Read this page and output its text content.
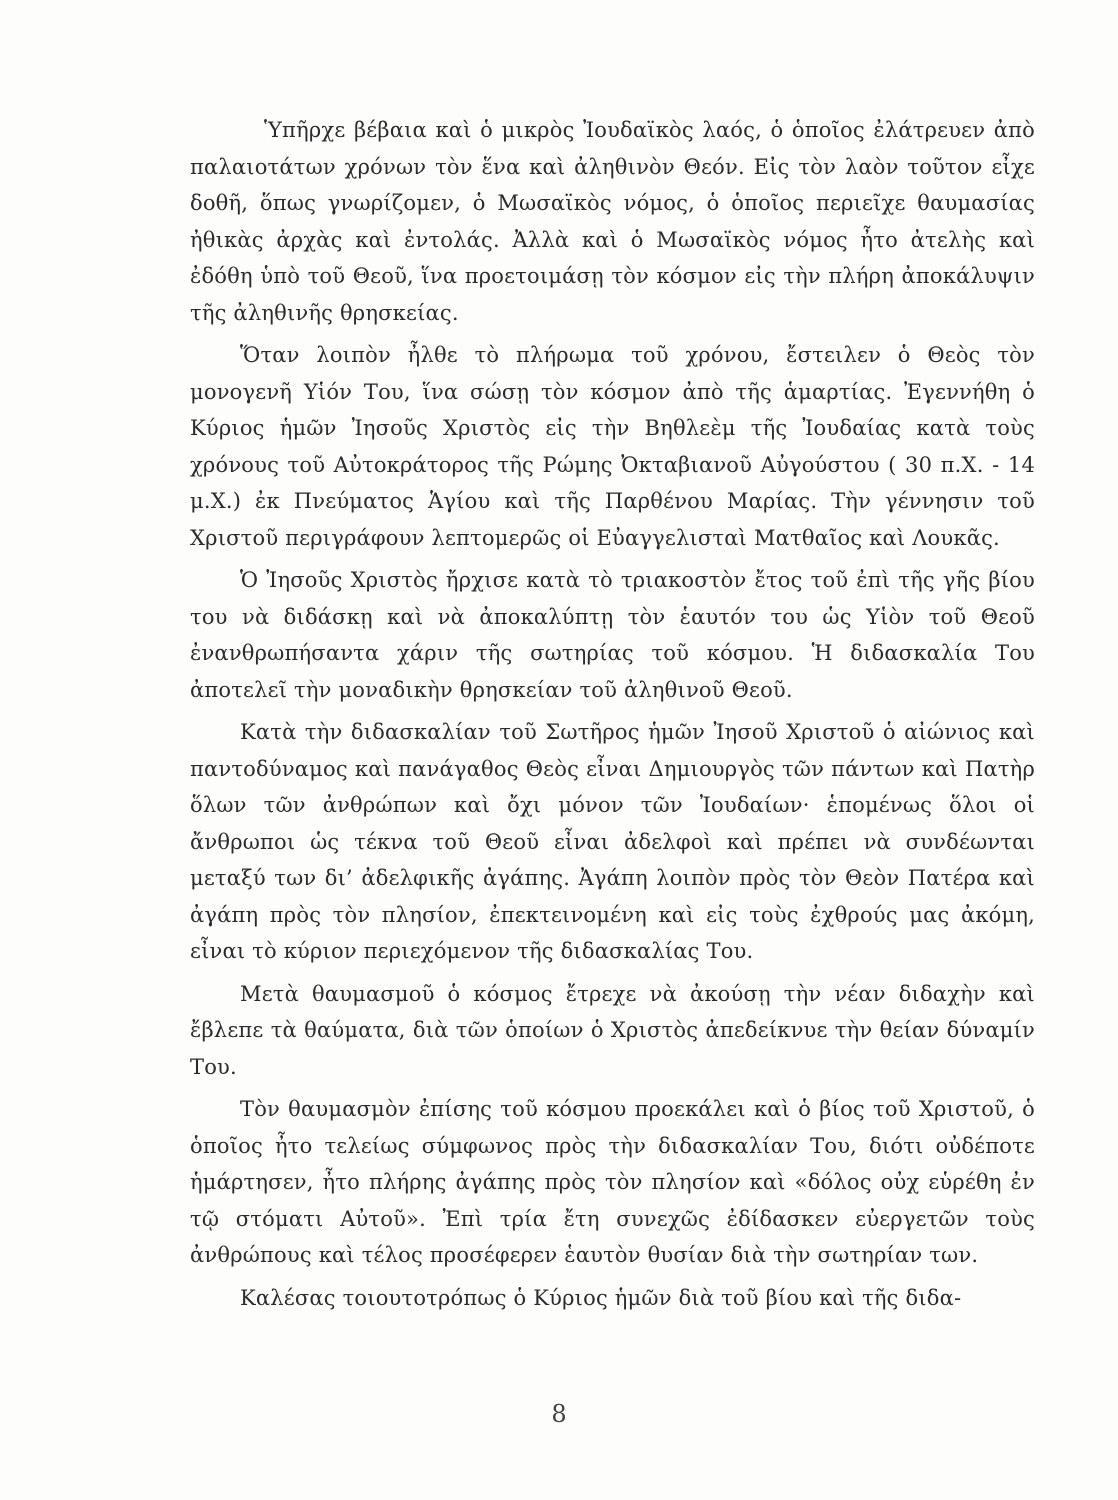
Ὑπῆρχε βέβαια καὶ ὁ μικρὸς Ἰουδαϊκὸς λαός, ὁ ὁποῖος ἐλάτρευεν ἀπὸ παλαιοτάτων χρόνων τὸν ἕνα καὶ ἀληθινὸν Θεόν. Εἰς τὸν λαὸν τοῦτον εἶχε δοθῆ, ὅπως γνωρίζομεν, ὁ Μωσαϊκὸς νόμος, ὁ ὁποῖος περιεῖχε θαυμασίας ἠθικὰς ἀρχὰς καὶ ἐντολάς. Ἀλλὰ καὶ ὁ Μωσαϊκὸς νόμος ἦτο ἀτελὴς καὶ ἐδόθη ὑπὸ τοῦ Θεοῦ, ἵνα προετοιμάσῃ τὸν κόσμον εἰς τὴν πλήρη ἀποκάλυψιν τῆς ἀληθινῆς θρησκείας.

Ὅταν λοιπὸν ἦλθε τὸ πλήρωμα τοῦ χρόνου, ἔστειλεν ὁ Θεὸς τὸν μονογενῆ Υἱόν Του, ἵνα σώσῃ τὸν κόσμον ἀπὸ τῆς ἁμαρτίας. Ἐγεννήθη ὁ Κύριος ἡμῶν Ἰησοῦς Χριστὸς εἰς τὴν Βηθλεὲμ τῆς Ἰουδαίας κατὰ τοὺς χρόνους τοῦ Αὐτοκράτορος τῆς Ρώμης Ὀκταβιανοῦ Αὐγούστου ( 30 π.Χ. - 14 μ.Χ.) ἐκ Πνεύματος Ἁγίου καὶ τῆς Παρθένου Μαρίας. Τὴν γέννησιν τοῦ Χριστοῦ περιγράφουν λεπτομερῶς οἱ Εὐαγγελισταὶ Ματθαῖος καὶ Λουκᾶς.

Ὁ Ἰησοῦς Χριστὸς ἤρχισε κατὰ τὸ τριακοστὸν ἔτος τοῦ ἐπὶ τῆς γῆς βίου του νὰ διδάσκῃ καὶ νὰ ἀποκαλύπτῃ τὸν ἑαυτόν του ὡς Υἱὸν τοῦ Θεοῦ ἐνανθρωπήσαντα χάριν τῆς σωτηρίας τοῦ κόσμου. Ἡ διδασκαλία Του ἀποτελεῖ τὴν μοναδικὴν θρησκείαν τοῦ ἀληθινοῦ Θεοῦ.

Κατὰ τὴν διδασκαλίαν τοῦ Σωτῆρος ἡμῶν Ἰησοῦ Χριστοῦ ὁ αἰώνιος καὶ παντοδύναμος καὶ πανάγαθος Θεὸς εἶναι Δημιουργὸς τῶν πάντων καὶ Πατὴρ ὅλων τῶν ἀνθρώπων καὶ ὄχι μόνον τῶν Ἰουδαίων· ἑπομένως ὅλοι οἱ ἄνθρωποι ὡς τέκνα τοῦ Θεοῦ εἶναι ἀδελφοὶ καὶ πρέπει νὰ συνδέωνται μεταξύ των δι’ ἀδελφικῆς ἀγάπης. Ἀγάπη λοιπὸν πρὸς τὸν Θεὸν Πατέρα καὶ ἀγάπη πρὸς τὸν πλησίον, ἐπεκτεινομένη καὶ εἰς τοὺς ἐχθρούς μας ἀκόμη, εἶναι τὸ κύριον περιεχόμενον τῆς διδασκαλίας Του.

Μετὰ θαυμασμοῦ ὁ κόσμος ἔτρεχε νὰ ἀκούσῃ τὴν νέαν διδαχὴν καὶ ἔβλεπε τὰ θαύματα, διὰ τῶν ὁποίων ὁ Χριστὸς ἀπεδείκνυε τὴν θείαν δύναμίν Του.

Τὸν θαυμασμὸν ἐπίσης τοῦ κόσμου προεκάλει καὶ ὁ βίος τοῦ Χριστοῦ, ὁ ὁποῖος ἦτο τελείως σύμφωνος πρὸς τὴν διδασκαλίαν Του, διότι οὐδέποτε ἡμάρτησεν, ἦτο πλήρης ἀγάπης πρὸς τὸν πλησίον καὶ «δόλος οὐχ εὑρέθη ἐν τῷ στόματι Αὐτοῦ». Ἐπὶ τρία ἔτη συνεχῶς ἐδίδασκεν εὐεργετῶν τοὺς ἀνθρώπους καὶ τέλος προσέφερεν ἑαυτὸν θυσίαν διὰ τὴν σωτηρίαν των.

Καλέσας τοιουτοτρόπως ὁ Κύριος ἡμῶν διὰ τοῦ βίου καὶ τῆς διδα-

8
